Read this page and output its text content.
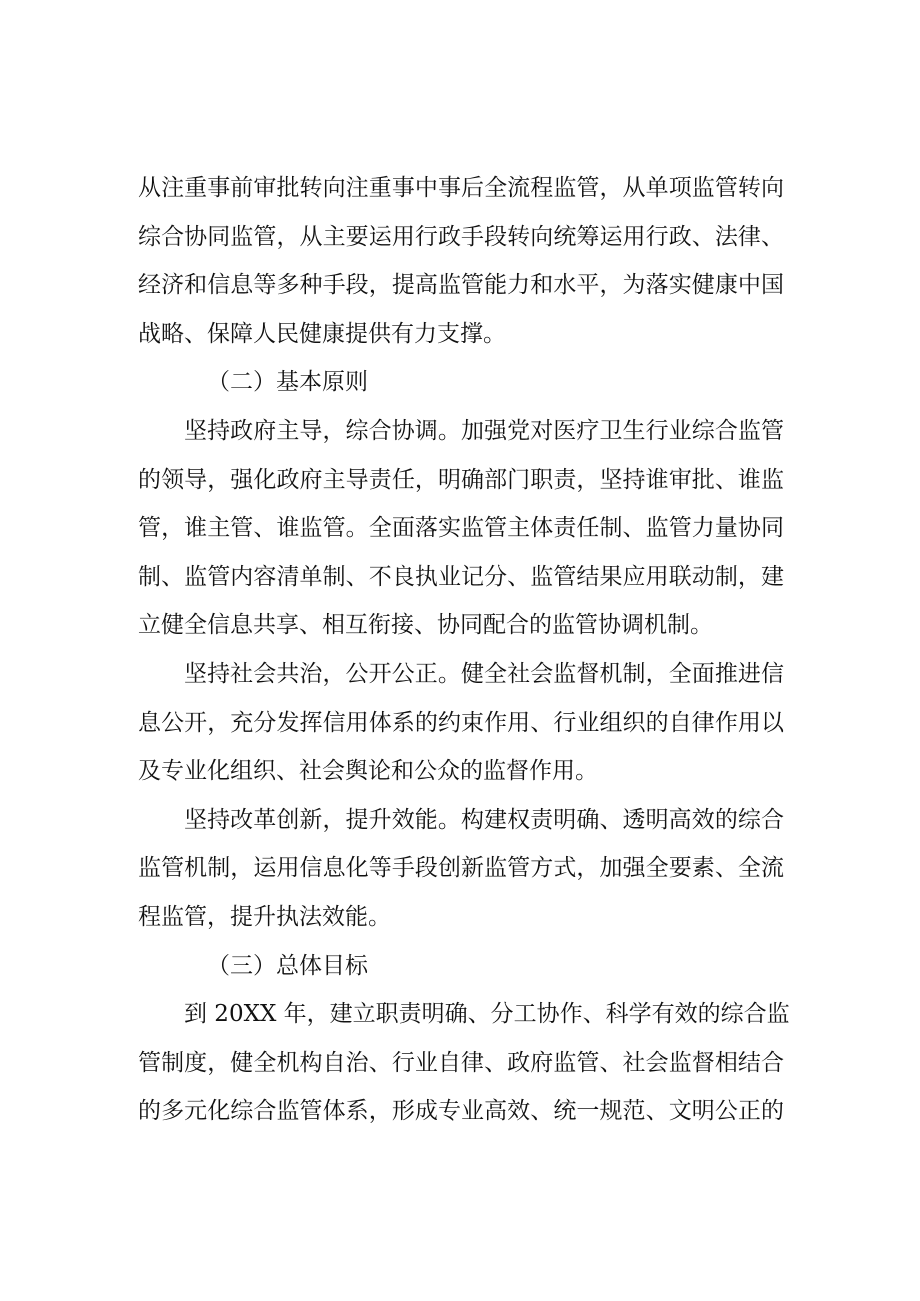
从注重事前审批转向注重事中事后全流程监管，从单项监管转向
综合协同监管，从主要运用行政手段转向统筹运用行政、法律、
经济和信息等多种手段，提高监管能力和水平，为落实健康中国
战略、保障人民健康提供有力支撑。
（二）基本原则
坚持政府主导，综合协调。加强党对医疗卫生行业综合监管
的领导，强化政府主导责任，明确部门职责，坚持谁审批、谁监
管，谁主管、谁监管。全面落实监管主体责任制、监管力量协同
制、监管内容清单制、不良执业记分、监管结果应用联动制，建
立健全信息共享、相互衔接、协同配合的监管协调机制。
坚持社会共治，公开公正。健全社会监督机制，全面推进信
息公开，充分发挥信用体系的约束作用、行业组织的自律作用以
及专业化组织、社会舆论和公众的监督作用。
坚持改革创新，提升效能。构建权责明确、透明高效的综合
监管机制，运用信息化等手段创新监管方式，加强全要素、全流
程监管，提升执法效能。
（三）总体目标
到 20XX 年，建立职责明确、分工协作、科学有效的综合监
管制度，健全机构自治、行业自律、政府监管、社会监督相结合
的多元化综合监管体系，形成专业高效、统一规范、文明公正的
